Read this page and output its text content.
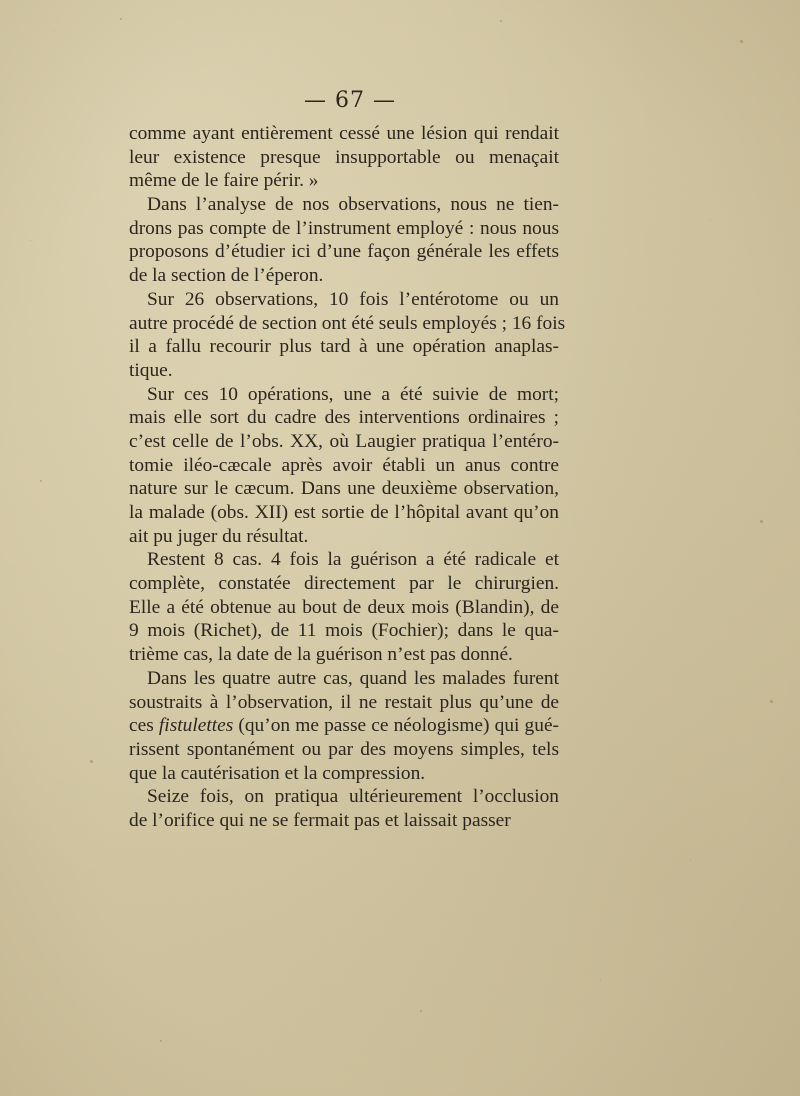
— 67 —
comme ayant entièrement cessé une lésion qui rendait
leur existence presque insupportable ou menaçait
même de le faire périr. »
Dans l’analyse de nos observations, nous ne tien-
drons pas compte de l’instrument employé : nous nous
proposons d’étudier ici d’une façon générale les effets
de la section de l’éperon.
Sur 26 observations, 10 fois l’entérotome ou un
autre procédé de section ont été seuls employés ; 16 fois
il a fallu recourir plus tard à une opération anaplas-
tique.
Sur ces 10 opérations, une a été suivie de mort;
mais elle sort du cadre des interventions ordinaires ;
c’est celle de l’obs. XX, où Laugier pratiqua l’entéro-
tomie iléo-cæcale après avoir établi un anus contre
nature sur le cæcum. Dans une deuxième observation,
la malade (obs. XII) est sortie de l’hôpital avant qu’on
ait pu juger du résultat.
Restent 8 cas. 4 fois la guérison a été radicale et
complète, constatée directement par le chirurgien.
Elle a été obtenue au bout de deux mois (Blandin), de
9 mois (Richet), de 11 mois (Fochier); dans le qua-
trième cas, la date de la guérison n’est pas donné.
Dans les quatre autre cas, quand les malades furent
soustraits à l’observation, il ne restait plus qu’une de
ces fistulettes (qu’on me passe ce néologisme) qui gué-
rissent spontanément ou par des moyens simples, tels
que la cautérisation et la compression.
Seize fois, on pratiqua ultérieurement l’occlusion
de l’orifice qui ne se fermait pas et laissait passer
